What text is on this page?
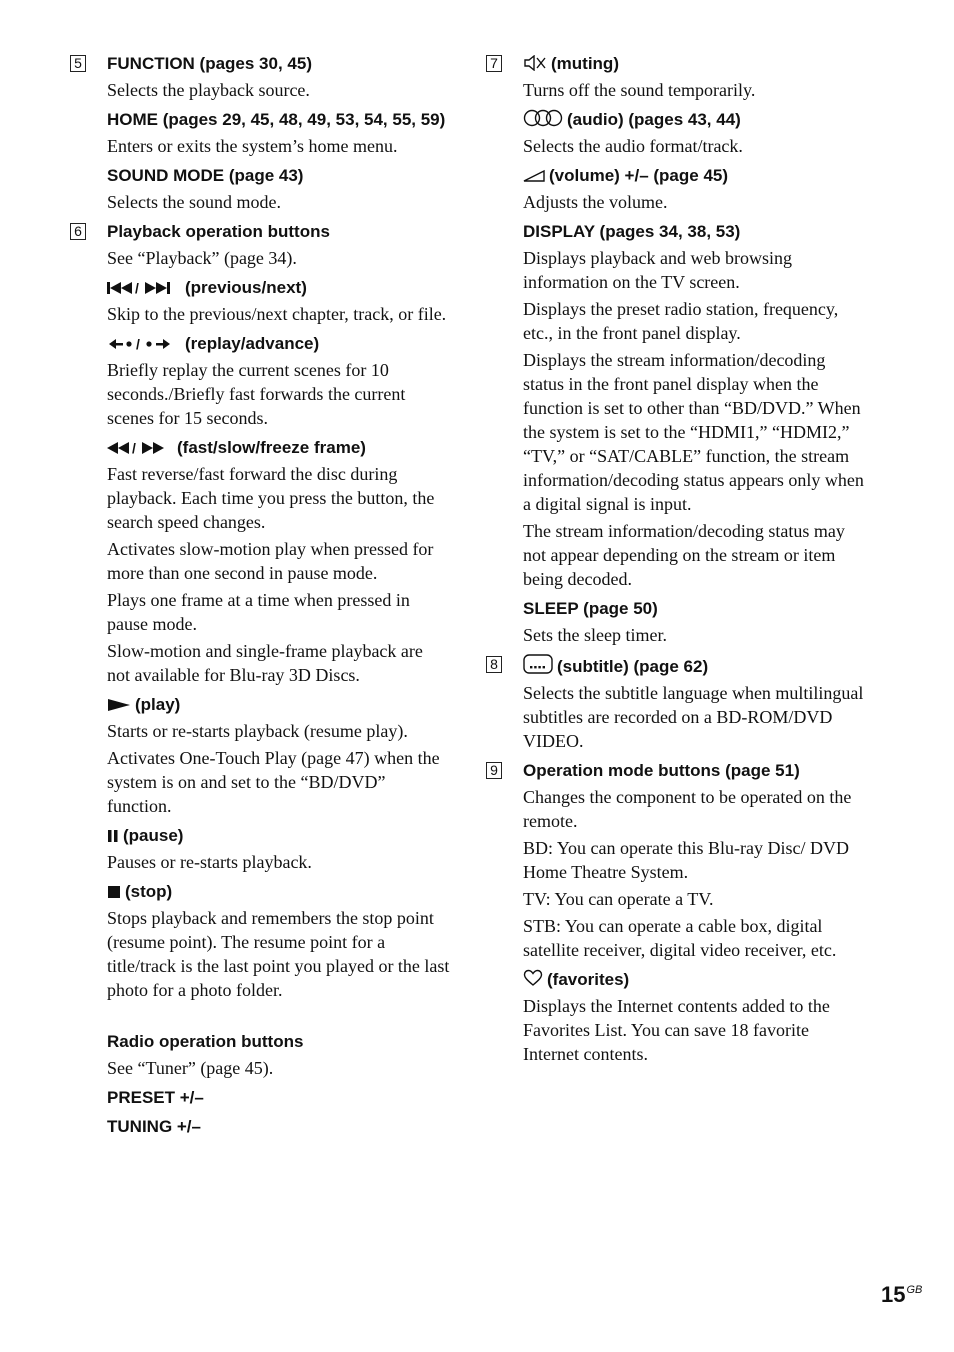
5 FUNCTION (pages 30, 45)
Selects the playback source.
HOME (pages 29, 45, 48, 49, 53, 54, 55, 59)
Enters or exits the system’s home menu.
SOUND MODE (page 43)
Selects the sound mode.
6 Playback operation buttons
See “Playback” (page 34).
/	(previous/next)
Skip to the previous/next chapter, track, or file.
/	(replay/advance)
Briefly replay the current scenes for 10 seconds./Briefly fast forwards the current scenes for 15 seconds.
/ (fast/slow/freeze frame)
Fast reverse/fast forward the disc during playback. Each time you press the button, the search speed changes.
Activates slow-motion play when pressed for more than one second in pause mode.
Plays one frame at a time when pressed in pause mode.
Slow-motion and single-frame playback are not available for Blu-ray 3D Discs.
(play)
Starts or re-starts playback (resume play).
Activates One-Touch Play (page 47) when the system is on and set to the “BD/DVD” function.
(pause)
Pauses or re-starts playback.
(stop)
Stops playback and remembers the stop point (resume point). The resume point for a title/track is the last point you played or the last photo for a photo folder.
Radio operation buttons
See “Tuner” (page 45).
PRESET +/–
TUNING +/–
7	(muting)
Turns off the sound temporarily.
(audio) (pages 43, 44)
Selects the audio format/track.
(volume) +/– (page 45)
Adjusts the volume.
DISPLAY (pages 34, 38, 53)
Displays playback and web browsing information on the TV screen.
Displays the preset radio station, frequency, etc., in the front panel display.
Displays the stream information/decoding status in the front panel display when the function is set to other than “BD/DVD.” When the system is set to the “HDMI1,” “HDMI2,” “TV,” or “SAT/CABLE” function, the stream information/decoding status appears only when a digital signal is input.
The stream information/decoding status may not appear depending on the stream or item being decoded.
SLEEP (page 50)
Sets the sleep timer.
8	(subtitle) (page 62)
Selects the subtitle language when multilingual subtitles are recorded on a BD-ROM/DVD VIDEO.
9 Operation mode buttons (page 51)
Changes the component to be operated on the remote.
BD: You can operate this Blu-ray Disc/ DVD Home Theatre System.
TV: You can operate a TV.
STB: You can operate a cable box, digital satellite receiver, digital video receiver, etc.
(favorites)
Displays the Internet contents added to the Favorites List. You can save 18 favorite Internet contents.
$15^{GB}$
